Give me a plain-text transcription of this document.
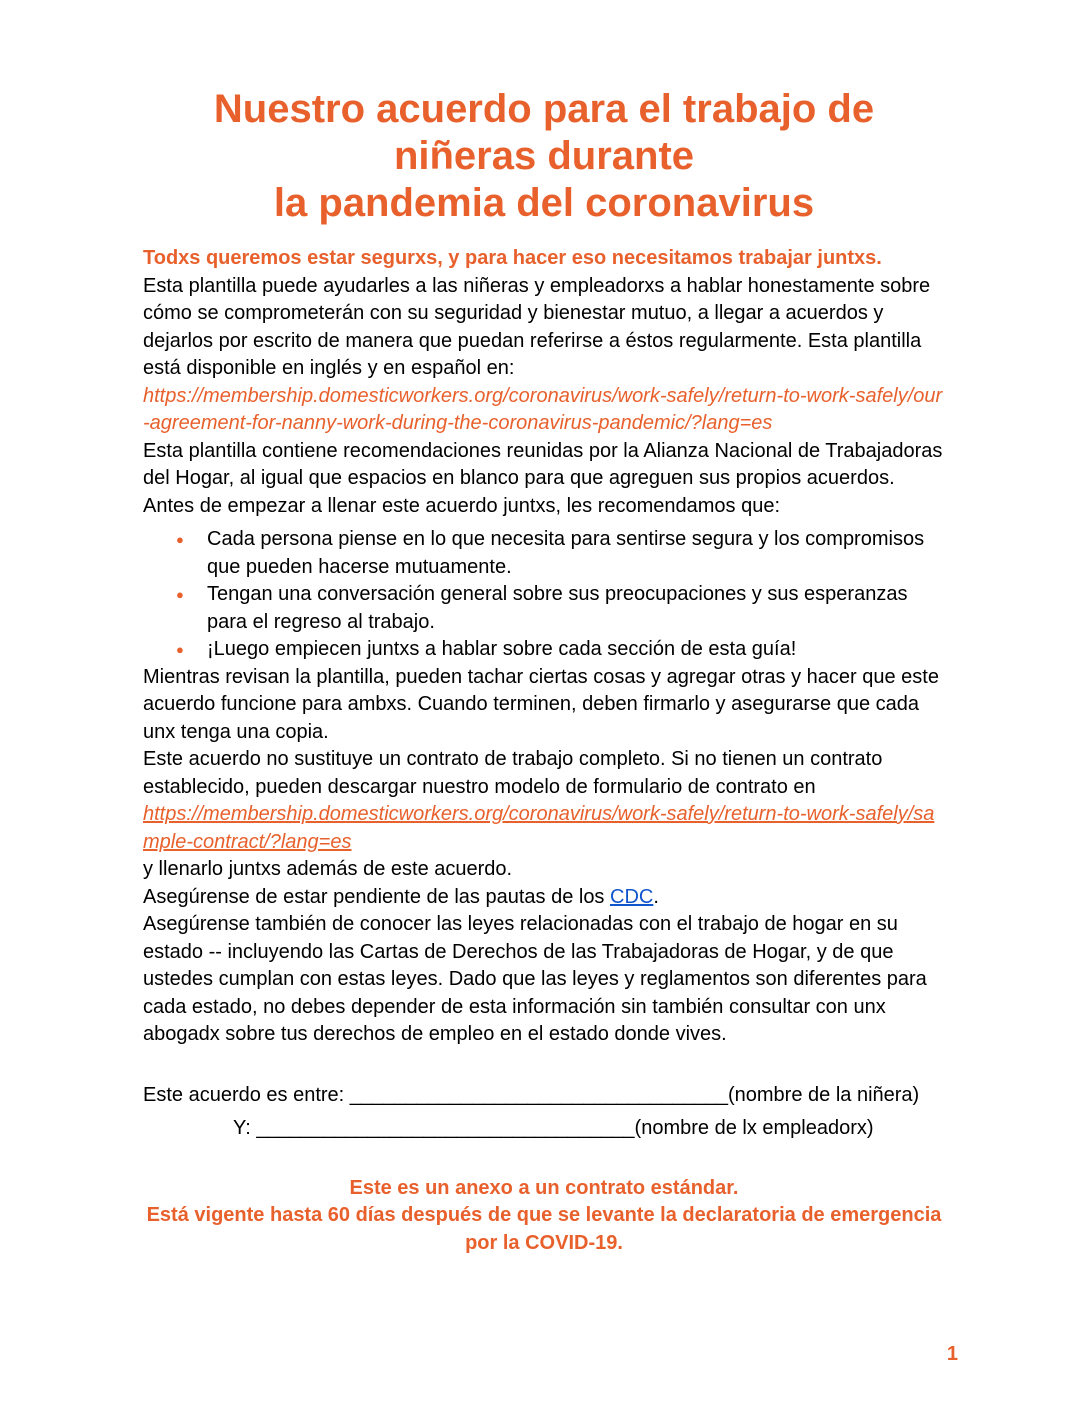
Nuestro acuerdo para el trabajo de niñeras durante
la pandemia del coronavirus

Todxs queremos estar segurxs, y para hacer eso necesitamos trabajar juntxs.

Esta plantilla puede ayudarles a las niñeras y empleadorxs a hablar honestamente sobre cómo se comprometerán con su seguridad y bienestar mutuo, a llegar a acuerdos y dejarlos por escrito de manera que puedan referirse a éstos regularmente. Esta plantilla está disponible en inglés y en español en:
https://membership.domesticworkers.org/coronavirus/work-safely/return-to-work-safely/our-agreement-for-nanny-work-during-the-coronavirus-pandemic/?lang=es

Esta plantilla contiene recomendaciones reunidas por la Alianza Nacional de Trabajadoras del Hogar, al igual que espacios en blanco para que agreguen sus propios acuerdos. Antes de empezar a llenar este acuerdo juntxs, les recomendamos que:

● Cada persona piense en lo que necesita para sentirse segura y los compromisos que pueden hacerse mutuamente.
● Tengan una conversación general sobre sus preocupaciones y sus esperanzas para el regreso al trabajo.
● ¡Luego empiecen juntxs a hablar sobre cada sección de esta guía!

Mientras revisan la plantilla, pueden tachar ciertas cosas y agregar otras y hacer que este acuerdo funcione para ambxs. Cuando terminen, deben firmarlo y asegurarse que cada unx tenga una copia.

Este acuerdo no sustituye un contrato de trabajo completo. Si no tienen un contrato establecido, pueden descargar nuestro modelo de formulario de contrato en
https://membership.domesticworkers.org/coronavirus/work-safely/return-to-work-safely/sample-contract/?lang=es
y llenarlo juntxs además de este acuerdo.

Asegúrense de estar pendiente de las pautas de los CDC.

Asegúrense también de conocer las leyes relacionadas con el trabajo de hogar en su estado -- incluyendo las Cartas de Derechos de las Trabajadoras de Hogar, y de que ustedes cumplan con estas leyes. Dado que las leyes y reglamentos son diferentes para cada estado, no debes depender de esta información sin también consultar con unx abogadx sobre tus derechos de empleo en el estado donde vives.

Este acuerdo es entre: __________________________________(nombre de la niñera)
Y: __________________________________(nombre de lx empleadorx)

Este es un anexo a un contrato estándar.

Está vigente hasta 60 días después de que se levante la declaratoria de emergencia por la COVID-19.

1
